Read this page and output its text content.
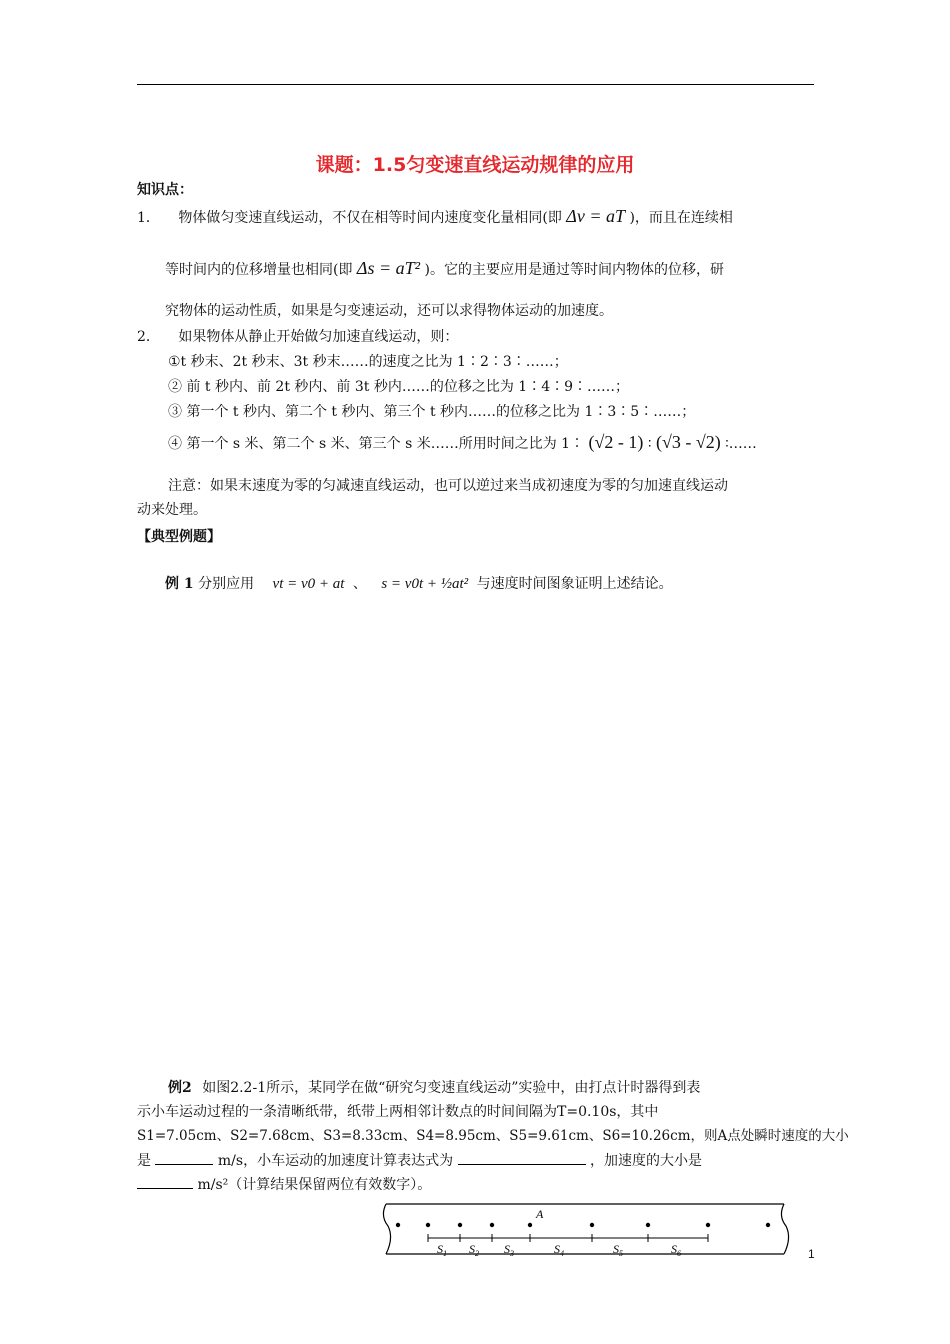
课题：1.5匀变速直线运动规律的应用
知识点：
1． 物体做匀变速直线运动，不仅在相等时间内速度变化量相同(即 Δv = aT )，而且在连续相
等时间内的位移增量也相同(即 Δs = aT² )。它的主要应用是通过等时间内物体的位移，研
究物体的运动性质，如果是匀变速运动，还可以求得物体运动的加速度。
2． 如果物体从静止开始做匀加速直线运动，则：
①t 秒末、2t 秒末、3t 秒末……的速度之比为 1∶2∶3∶……；
② 前 t 秒内、前 2t 秒内、前 3t 秒内……的位移之比为 1∶4∶9∶……；
③ 第一个 t 秒内、第二个 t 秒内、第三个 t 秒内……的位移之比为 1∶3∶5∶……；
④ 第一个 s 米、第二个 s 米、第三个 s 米……所用时间之比为 1∶ (√2 - 1) ∶ (√3 - √2) ∶……
注意：如果末速度为零的匀减速直线运动，也可以逆过来当成初速度为零的匀加速直线运动
动来处理。
【典型例题】
例 1 分别应用 vt = v0 + at 、 s = v0t + ½at² 与速度时间图象证明上述结论。
例2 如图2.2-1所示，某同学在做“研究匀变速直线运动”实验中，由打点计时器得到表
示小车运动过程的一条清晰纸带，纸带上两相邻计数点的时间间隔为T=0.10s，其中
S1=7.05cm、S2=7.68cm、S3=8.33cm、S4=8.95cm、S5=9.61cm、S6=10.26cm，则A点处瞬时速度的大小
是	m/s，小车运动的加速度计算表达式为	，加速度的大小是
m/s²（计算结果保留两位有效数字）。
$S_1$ $S_2$ $S_3$	$S_4$	$S_5$	$S_6$
A
1
